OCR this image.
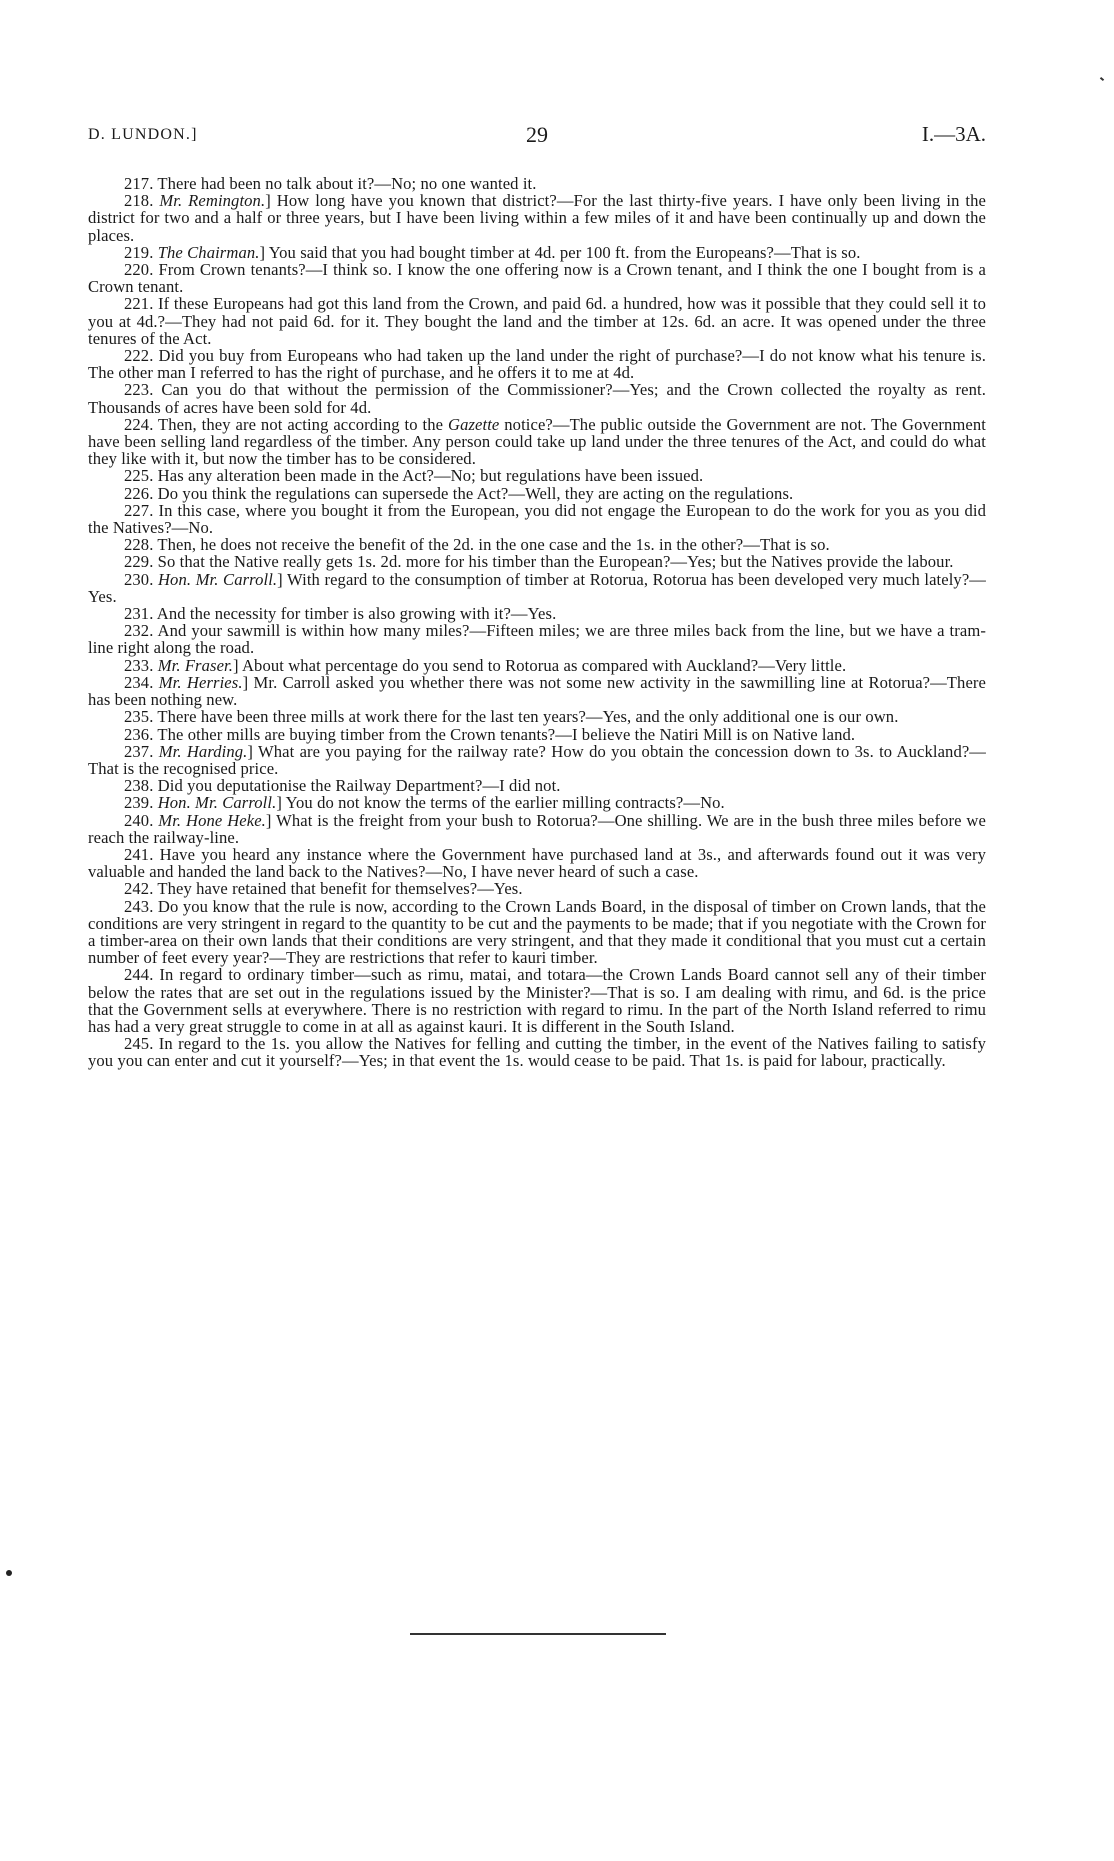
D. LUNDON.]	29	I.—3A.

217. There had been no talk about it?—No; no one wanted it.

218. Mr. Remington.] How long have you known that district?—For the last thirty-five years. I have only been living in the district for two and a half or three years, but I have been living within a few miles of it and have been continually up and down the places.

219. The Chairman.] You said that you had bought timber at 4d. per 100 ft. from the Europeans?—That is so.

220. From Crown tenants?—I think so. I know the one offering now is a Crown tenant, and I think the one I bought from is a Crown tenant.

221. If these Europeans had got this land from the Crown, and paid 6d. a hundred, how was it possible that they could sell it to you at 4d.?—They had not paid 6d. for it. They bought the land and the timber at 12s. 6d. an acre. It was opened under the three tenures of the Act.

222. Did you buy from Europeans who had taken up the land under the right of purchase?—I do not know what his tenure is. The other man I referred to has the right of purchase, and he offers it to me at 4d.

223. Can you do that without the permission of the Commissioner?—Yes; and the Crown collected the royalty as rent. Thousands of acres have been sold for 4d.

224. Then, they are not acting according to the Gazette notice?—The public outside the Government are not. The Government have been selling land regardless of the timber. Any person could take up land under the three tenures of the Act, and could do what they like with it, but now the timber has to be considered.

225. Has any alteration been made in the Act?—No; but regulations have been issued.

226. Do you think the regulations can supersede the Act?—Well, they are acting on the regulations.

227. In this case, where you bought it from the European, you did not engage the European to do the work for you as you did the Natives?—No.

228. Then, he does not receive the benefit of the 2d. in the one case and the 1s. in the other?—That is so.

229. So that the Native really gets 1s. 2d. more for his timber than the European?—Yes; but the Natives provide the labour.

230. Hon. Mr. Carroll.] With regard to the consumption of timber at Rotorua, Rotorua has been developed very much lately?—Yes.

231. And the necessity for timber is also growing with it?—Yes.

232. And your sawmill is within how many miles?—Fifteen miles; we are three miles back from the line, but we have a tram-line right along the road.

233. Mr. Fraser.] About what percentage do you send to Rotorua as compared with Auckland?—Very little.

234. Mr. Herries.] Mr. Carroll asked you whether there was not some new activity in the sawmilling line at Rotorua?—There has been nothing new.

235. There have been three mills at work there for the last ten years?—Yes, and the only additional one is our own.

236. The other mills are buying timber from the Crown tenants?—I believe the Natiri Mill is on Native land.

237. Mr. Harding.] What are you paying for the railway rate? How do you obtain the concession down to 3s. to Auckland?—That is the recognised price.

238. Did you deputationise the Railway Department?—I did not.

239. Hon. Mr. Carroll.] You do not know the terms of the earlier milling contracts?—No.

240. Mr. Hone Heke.] What is the freight from your bush to Rotorua?—One shilling. We are in the bush three miles before we reach the railway-line.

241. Have you heard any instance where the Government have purchased land at 3s., and afterwards found out it was very valuable and handed the land back to the Natives?—No, I have never heard of such a case.

242. They have retained that benefit for themselves?—Yes.

243. Do you know that the rule is now, according to the Crown Lands Board, in the disposal of timber on Crown lands, that the conditions are very stringent in regard to the quantity to be cut and the payments to be made; that if you negotiate with the Crown for a timber-area on their own lands that their conditions are very stringent, and that they made it conditional that you must cut a certain number of feet every year?—They are restrictions that refer to kauri timber.

244. In regard to ordinary timber—such as rimu, matai, and totara—the Crown Lands Board cannot sell any of their timber below the rates that are set out in the regulations issued by the Minister?—That is so. I am dealing with rimu, and 6d. is the price that the Government sells at everywhere. There is no restriction with regard to rimu. In the part of the North Island referred to rimu has had a very great struggle to come in at all as against kauri. It is different in the South Island.

245. In regard to the 1s. you allow the Natives for felling and cutting the timber, in the event of the Natives failing to satisfy you you can enter and cut it yourself?—Yes; in that event the 1s. would cease to be paid. That 1s. is paid for labour, practically.
